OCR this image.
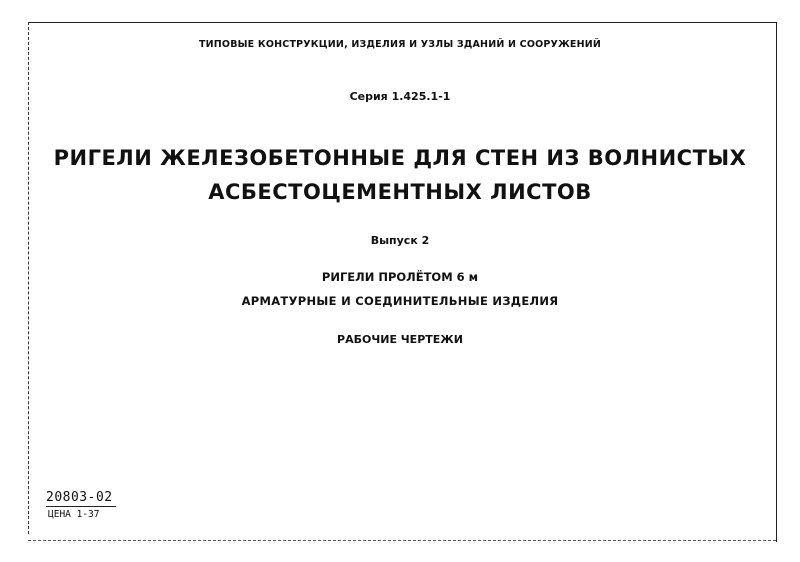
ТИПОВЫЕ КОНСТРУКЦИИ, ИЗДЕЛИЯ И УЗЛЫ ЗДАНИЙ И СООРУЖЕНИЙ
Серия 1.425.1-1
РИГЕЛИ ЖЕЛЕЗОБЕТОННЫЕ ДЛЯ СТЕН ИЗ ВОЛНИСТЫХ
АСБЕСТОЦЕМЕНТНЫХ ЛИСТОВ
Выпуск 2
РИГЕЛИ ПРОЛЁТОМ 6 м
АРМАТУРНЫЕ И СОЕДИНИТЕЛЬНЫЕ ИЗДЕЛИЯ
РАБОЧИЕ ЧЕРТЕЖИ
20803-02
ЦЕНА 1-37
